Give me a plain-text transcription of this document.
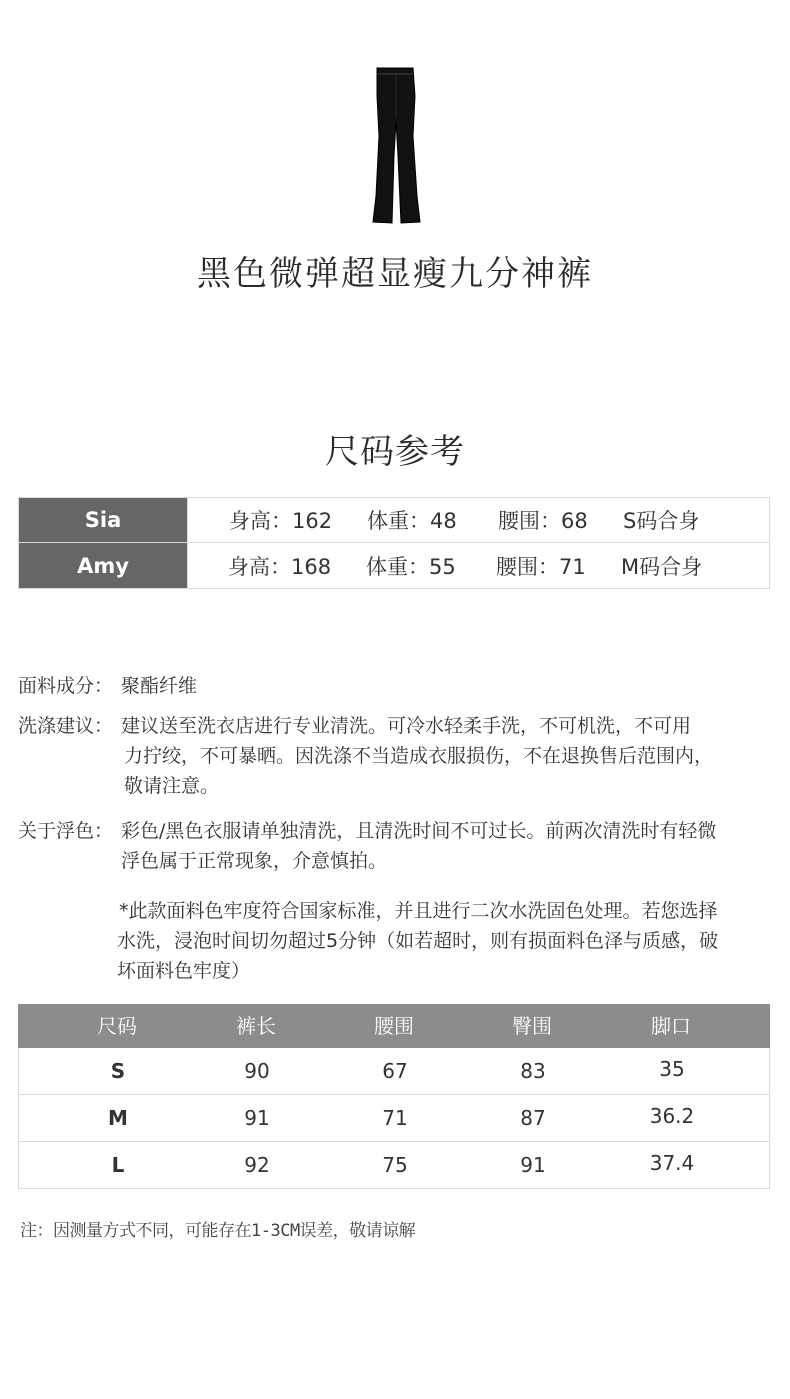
黑色微弹超显瘦九分神裤
尺码参考
Sia	身高：162 体重：48 腰围：68 S码合身
Amy	身高：168 体重：55 腰围：71 M码合身
面料成分： 聚酯纤维
洗涤建议： 建议送至洗衣店进行专业清洗。可冷水轻柔手洗，不可机洗，不可用
力拧绞，不可暴晒。因洗涤不当造成衣服损伤，不在退换售后范围内，
敬请注意。
关于浮色： 彩色/黑色衣服请单独清洗，且清洗时间不可过长。前两次清洗时有轻微
浮色属于正常现象，介意慎拍。
*此款面料色牢度符合国家标准，并且进行二次水洗固色处理。若您选择
水洗，浸泡时间切勿超过5分钟（如若超时，则有损面料色泽与质感，破
坏面料色牢度）
尺码	裤长	腰围	臀围	脚口
S	90	67	83	35
M	91	71	87	36.2
L	92	75	91	37.4
注：因测量方式不同，可能存在1-3CM误差，敬请谅解
